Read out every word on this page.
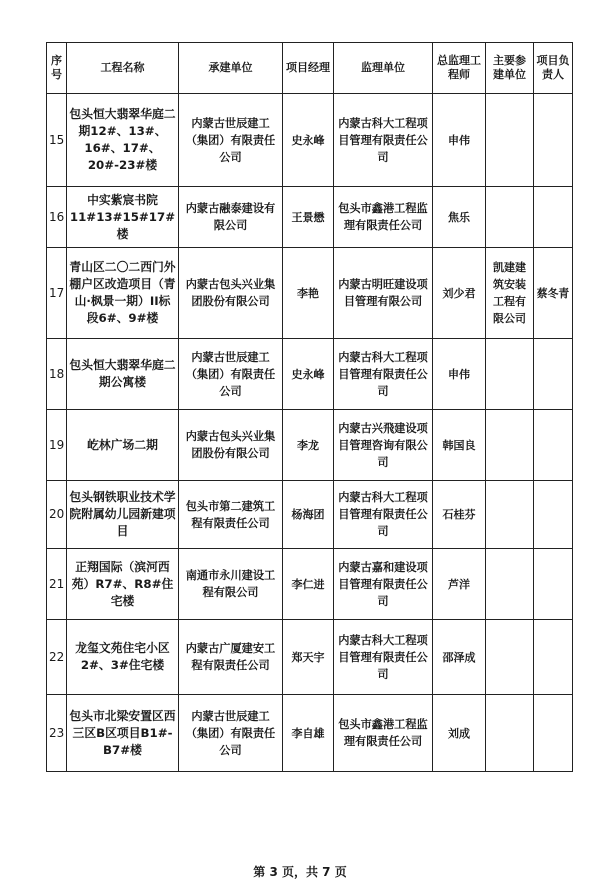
序号	工程名称	承建单位	项目经理	监理单位	总监理工程师	主要参建单位	项目负责人
15	包头恒大翡翠华庭二期12#、13#、16#、17#、20#-23#楼	内蒙古世辰建工（集团）有限责任公司	史永峰	内蒙古科大工程项目管理有限责任公司	申伟		
16	中实紫宸书院11#13#15#17#楼	内蒙古融泰建设有限公司	王景懋	包头市鑫港工程监理有限责任公司	焦乐		
17	青山区二〇二西门外棚户区改造项目（青山·枫景一期）II标段6#、9#楼	内蒙古包头兴业集团股份有限公司	李艳	内蒙古明旺建设项目管理有限公司	刘少君	凯建建筑安装工程有限公司	蔡冬青
18	包头恒大翡翠华庭二期公寓楼	内蒙古世辰建工（集团）有限责任公司	史永峰	内蒙古科大工程项目管理有限责任公司	申伟		
19	屹林广场二期	内蒙古包头兴业集团股份有限公司	李龙	内蒙古兴飛建设项目管理咨询有限公司	韩国良		
20	包头钢铁职业技术学院附属幼儿园新建项目	包头市第二建筑工程有限责任公司	杨海团	内蒙古科大工程项目管理有限责任公司	石桂芬		
21	正翔国际（滨河西苑）R7#、R8#住宅楼	南通市永川建设工程有限公司	李仁进	内蒙古嘉和建设项目管理有限责任公司	芦洋		
22	龙玺文苑住宅小区2#、3#住宅楼	内蒙古广厦建安工程有限责任公司	郑天宇	内蒙古科大工程项目管理有限责任公司	邵泽成		
23	包头市北梁安置区西三区B区项目B1#-B7#楼	内蒙古世辰建工（集团）有限责任公司	李自雄	包头市鑫港工程监理有限责任公司	刘成		
第 3 页，共 7 页
